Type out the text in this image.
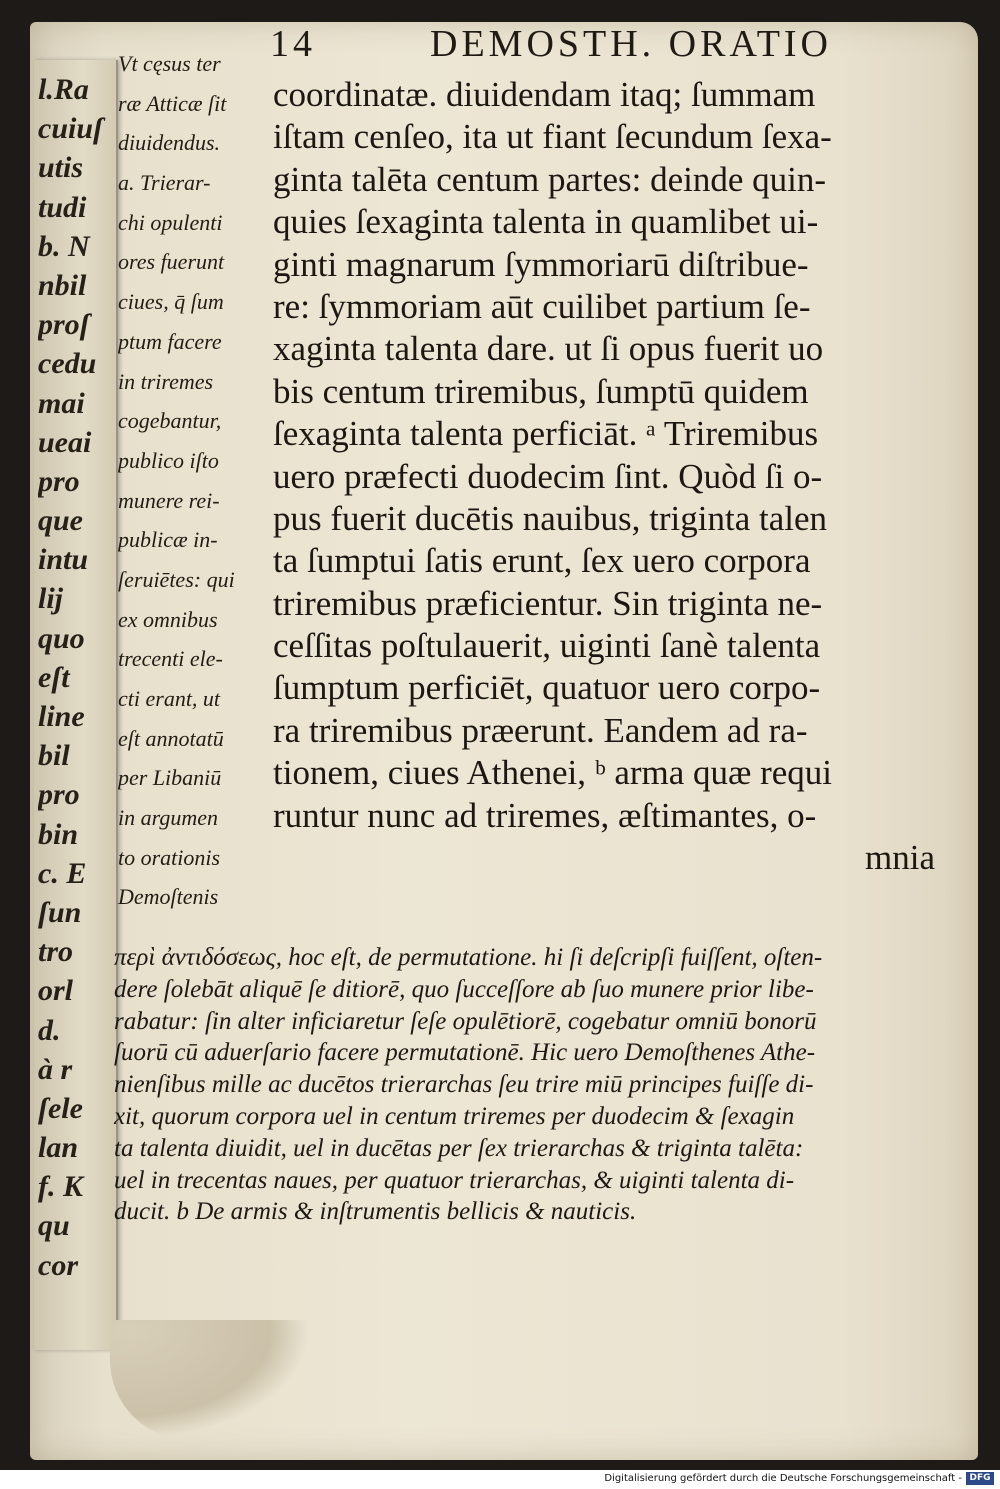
l.Ra
cuiuſ
utis
tudi
b. N
nbil
proſ
cedu
mai
ueai
pro
que
intu
lij
quo
eſt
line
bil
pro
bin
c. E
ſun
tro
orl
d.
à r
ſele
lan
f. K
qu
cor
14	DEMOSTH. ORATIO
Vt cęsus ter
ræ Atticæ ſit
diuidendus.
a. Trierar-
chi opulenti
ores fuerunt
ciues, q̄ ſum
ptum facere
in triremes
cogebantur,
publico iſto
munere rei-
publicæ in-
ſeruiētes: qui
ex omnibus
trecenti ele-
cti erant, ut
eſt annotatū
per Libaniū
in argumen
to orationis
Demoſtenis
coordinatæ. diuidendam itaq; ſummam
iſtam cenſeo, ita ut fiant ſecundum ſexa-
ginta talēta centum partes: deinde quin-
quies ſexaginta talenta in quamlibet ui-
ginti magnarum ſymmoriarū diſtribue-
re: ſymmoriam aūt cuilibet partium ſe-
xaginta talenta dare. ut ſi opus fuerit uo
bis centum triremibus, ſumptū quidem
ſexaginta talenta perficiāt. ᵃ Triremibus
uero præfecti duodecim ſint. Quòd ſi o-
pus fuerit ducētis nauibus, triginta talen
ta ſumptui ſatis erunt, ſex uero corpora
triremibus præficientur. Sin triginta ne-
ceſſitas poſtulauerit, uiginti ſanè talenta
ſumptum perficiēt, quatuor uero corpo-
ra triremibus præerunt. Eandem ad ra-
tionem, ciues Athenei, ᵇ arma quæ requi
runtur nunc ad triremes, æſtimantes, o-
mnia
περὶ ἀντιδόσεως, hoc eſt, de permutatione. hi ſi deſcripſi fuiſſent, oſten-
dere ſolebāt aliquē ſe ditiorē, quo ſucceſſore ab ſuo munere prior libe-
rabatur: ſin alter inficiaretur ſeſe opulētiorē, cogebatur omniū bonorū
ſuorū cū aduerſario facere permutationē. Hic uero Demoſthenes Athe-
nienſibus mille ac ducētos trierarchas ſeu trire miū principes fuiſſe di-
xit, quorum corpora uel in centum triremes per duodecim & ſexagin
ta talenta diuidit, uel in ducētas per ſex trierarchas & triginta talēta:
uel in trecentas naues, per quatuor trierarchas, & uiginti talenta di-
ducit. b De armis & inſtrumentis bellicis & nauticis.
Digitalisierung gefördert durch die Deutsche Forschungsgemeinschaft - DFG
